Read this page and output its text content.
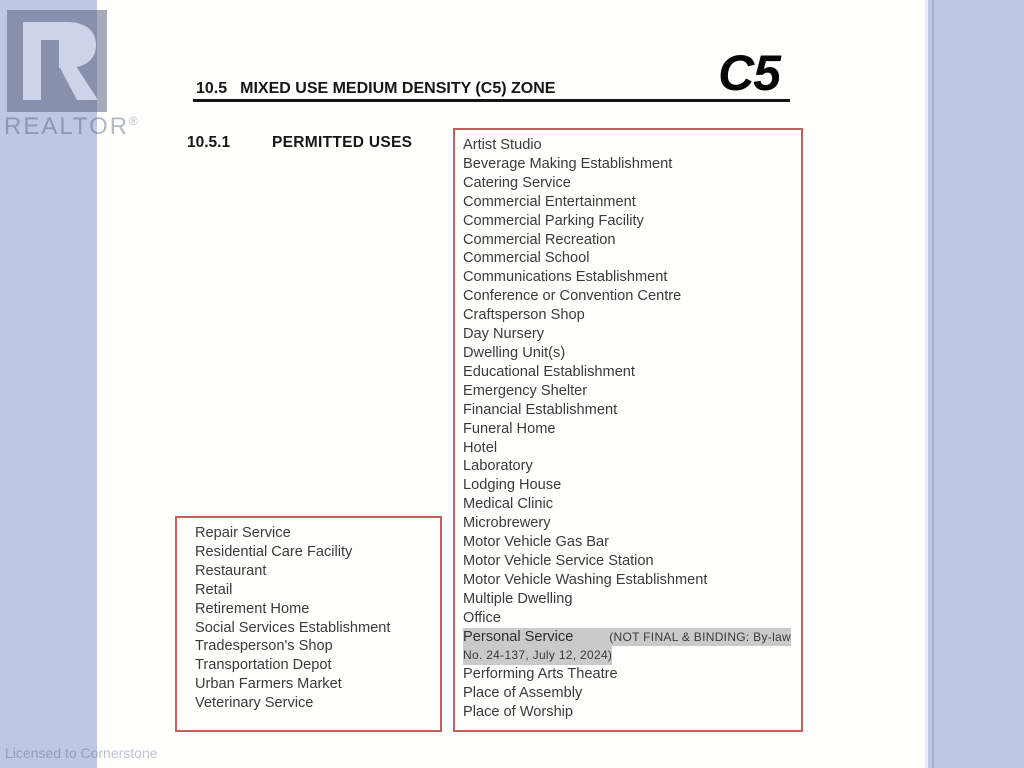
REALTOR®
Licensed to Cornerstone
10.5 MIXED USE MEDIUM DENSITY (C5) ZONE	C5
10.5.1	PERMITTED USES	Artist Studio
Beverage Making Establishment
Catering Service
Commercial Entertainment
Commercial Parking Facility
Commercial Recreation
Commercial School
Communications Establishment
Conference or Convention Centre
Craftsperson Shop
Day Nursery
Dwelling Unit(s)
Educational Establishment
Emergency Shelter
Financial Establishment
Funeral Home
Hotel
Laboratory
Lodging House
Medical Clinic
Microbrewery
Motor Vehicle Gas Bar
Motor Vehicle Service Station
Motor Vehicle Washing Establishment
Multiple Dwelling
Office
Personal Service	(NOT FINAL & BINDING: By-law
No. 24-137, July 12, 2024)
Performing Arts Theatre
Place of Assembly
Place of Worship
Repair Service
Residential Care Facility
Restaurant
Retail
Retirement Home
Social Services Establishment
Tradesperson's Shop
Transportation Depot
Urban Farmers Market
Veterinary Service
